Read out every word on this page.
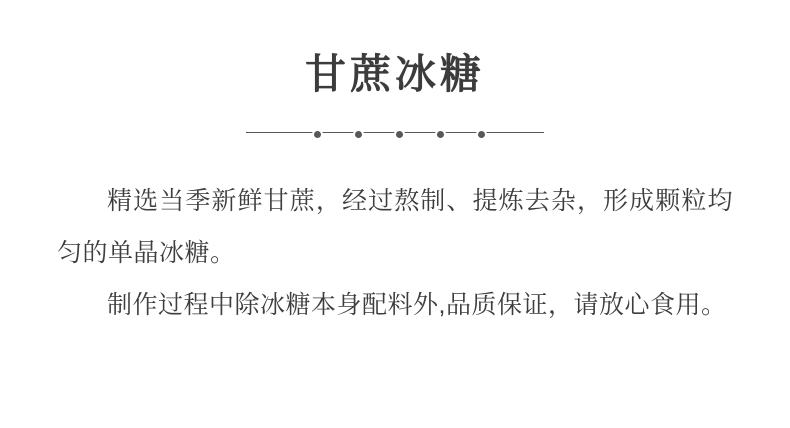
甘蔗冰糖

精选当季新鲜甘蔗，经过熬制、提炼去杂，形成颗粒均匀的单晶冰糖。

制作过程中除冰糖本身配料外,品质保证，请放心食用。
